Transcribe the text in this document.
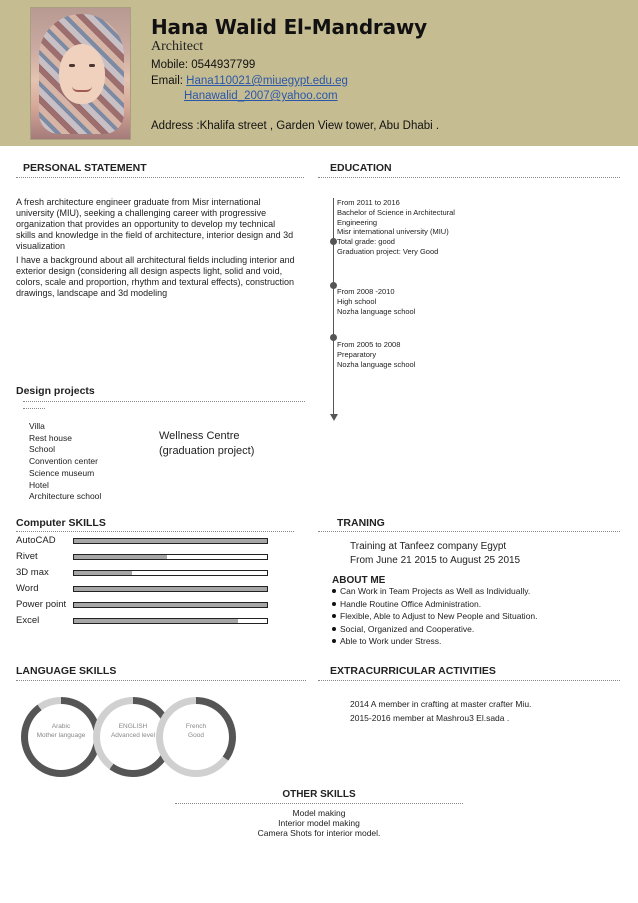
Hana Walid El-Mandrawy
Architect
Mobile: 0544937799
Email: Hana110021@miuegypt.edu.eg
Hanawalid_2007@yahoo.com
Address :Khalifa street , Garden View tower, Abu Dhabi .
PERSONAL STATEMENT
A fresh architecture engineer graduate from Misr international
university (MIU), seeking a challenging career with progressive
organization that provides an opportunity to develop my technical
skills and knowledge in the field of architecture, interior design and 3d
visualization
I have a background about all architectural fields including interior and
exterior design (considering all design aspects light, solid and void,
colors, scale and proportion, rhythm and textural effects), construction
drawings, landscape and 3d modeling
EDUCATION
From 2011 to 2016
Bachelor of Science in Architectural
Engineering
Misr international university (MIU)
Total grade: good
Graduation project: Very Good
From 2008 -2010
High school
Nozha language school
From 2005 to 2008
Preparatory
Nozha language school
Design projects
Villa
Rest house
School
Convention center
Science museum
Hotel
Architecture school
Wellness Centre
(graduation project)
Computer SKILLS
AutoCAD
Rivet
3D max
Word
Power point
Excel
TRANING
Training at Tanfeez company Egypt
From June 21 2015 to August 25 2015
ABOUT ME
Can Work in Team Projects as Well as Individually.
Handle Routine Office Administration.
Flexible, Able to Adjust to New People and Situation.
Social, Organized and Cooperative.
Able to Work under Stress.
LANGUAGE SKILLS
Arabic
Mother language
ENGLISH
Advanced level
French
Good
EXTRACURRICULAR ACTIVITIES
2014 A member in crafting at master crafter Miu.
2015-2016 member at Mashrou3 El.sada .
OTHER SKILLS
Model making
Interior model making
Camera Shots for interior model.
